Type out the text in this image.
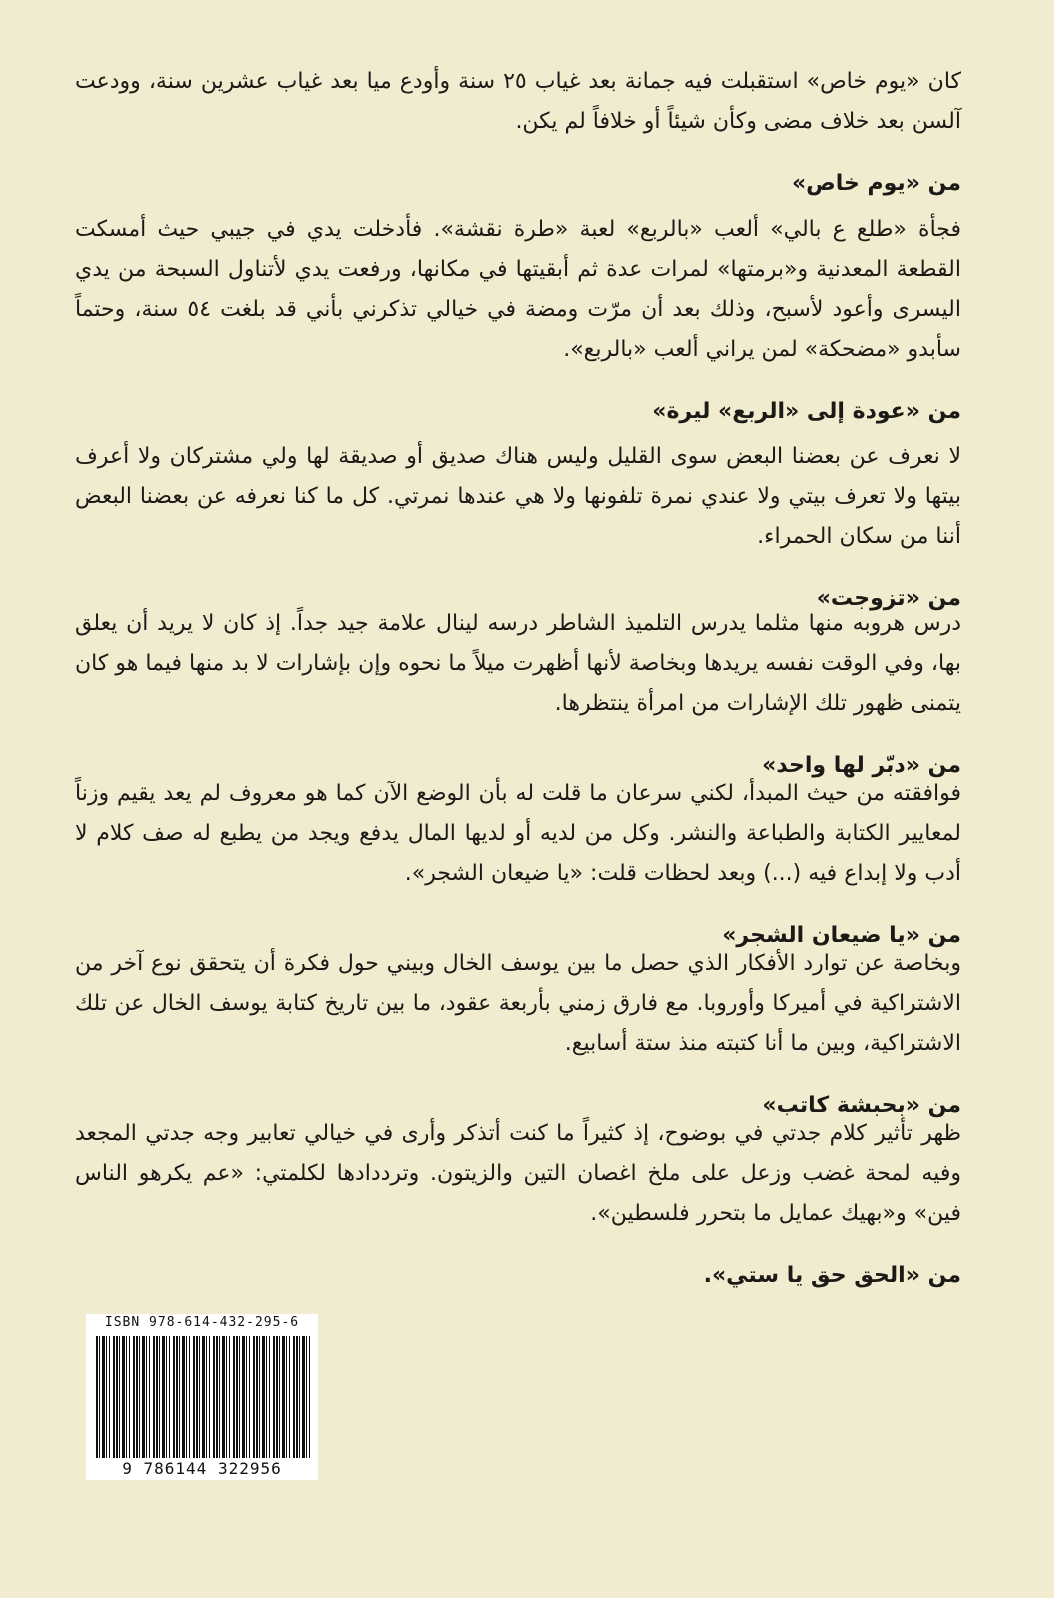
كان «يوم خاص» استقبلت فيه جمانة بعد غياب ٢٥ سنة وأودع ميا بعد غياب عشرين سنة، وودعت آلسن بعد خلاف مضى وكأن شيئاً أو خلافاً لم يكن.

من «يوم خاص»

فجأة «طلع ع بالي» ألعب «بالربع» لعبة «طرة نقشة». فأدخلت يدي في جيبي حيث أمسكت القطعة المعدنية و«برمتها» لمرات عدة ثم أبقيتها في مكانها، ورفعت يدي لأتناول السبحة من يدي اليسرى وأعود لأسبح، وذلك بعد أن مرّت ومضة في خيالي تذكرني بأني قد بلغت ٥٤ سنة، وحتماً سأبدو «مضحكة» لمن يراني ألعب «بالربع».

من «عودة إلى «الربع» ليرة»

لا نعرف عن بعضنا البعض سوى القليل وليس هناك صديق أو صديقة لها ولي مشتركان ولا أعرف بيتها ولا تعرف بيتي ولا عندي نمرة تلفونها ولا هي عندها نمرتي. كل ما كنا نعرفه عن بعضنا البعض أننا من سكان الحمراء.

من «تزوجت»

درس هروبه منها مثلما يدرس التلميذ الشاطر درسه لينال علامة جيد جداً. إذ كان لا يريد أن يعلق بها، وفي الوقت نفسه يريدها وبخاصة لأنها أظهرت ميلاً ما نحوه وإن بإشارات لا بد منها فيما هو كان يتمنى ظهور تلك الإشارات من امرأة ينتظرها.

من «دبّر لها واحد»

فوافقته من حيث المبدأ، لكني سرعان ما قلت له بأن الوضع الآن كما هو معروف لم يعد يقيم وزناً لمعايير الكتابة والطباعة والنشر. وكل من لديه أو لديها المال يدفع ويجد من يطبع له صف كلام لا أدب ولا إبداع فيه (...) وبعد لحظات قلت: «يا ضيعان الشجر».

من «يا ضيعان الشجر»

وبخاصة عن توارد الأفكار الذي حصل ما بين يوسف الخال وبيني حول فكرة أن يتحقق نوع آخر من الاشتراكية في أميركا وأوروبا. مع فارق زمني بأربعة عقود، ما بين تاريخ كتابة يوسف الخال عن تلك الاشتراكية، وبين ما أنا كتبته منذ ستة أسابيع.

من «بحبشة كاتب»

ظهر تأثير كلام جدتي في بوضوح، إذ كثيراً ما كنت أتذكر وأرى في خيالي تعابير وجه جدتي المجعد وفيه لمحة غضب وزعل على ملخ اغصان التين والزيتون. وترددادها لكلمتي: «عم يكرهو الناس فين» و«بهيك عمايل ما بتحرر فلسطين».

من «الحق حق يا ستي».

ISBN 978-614-432-295-6
9 786144 322956
